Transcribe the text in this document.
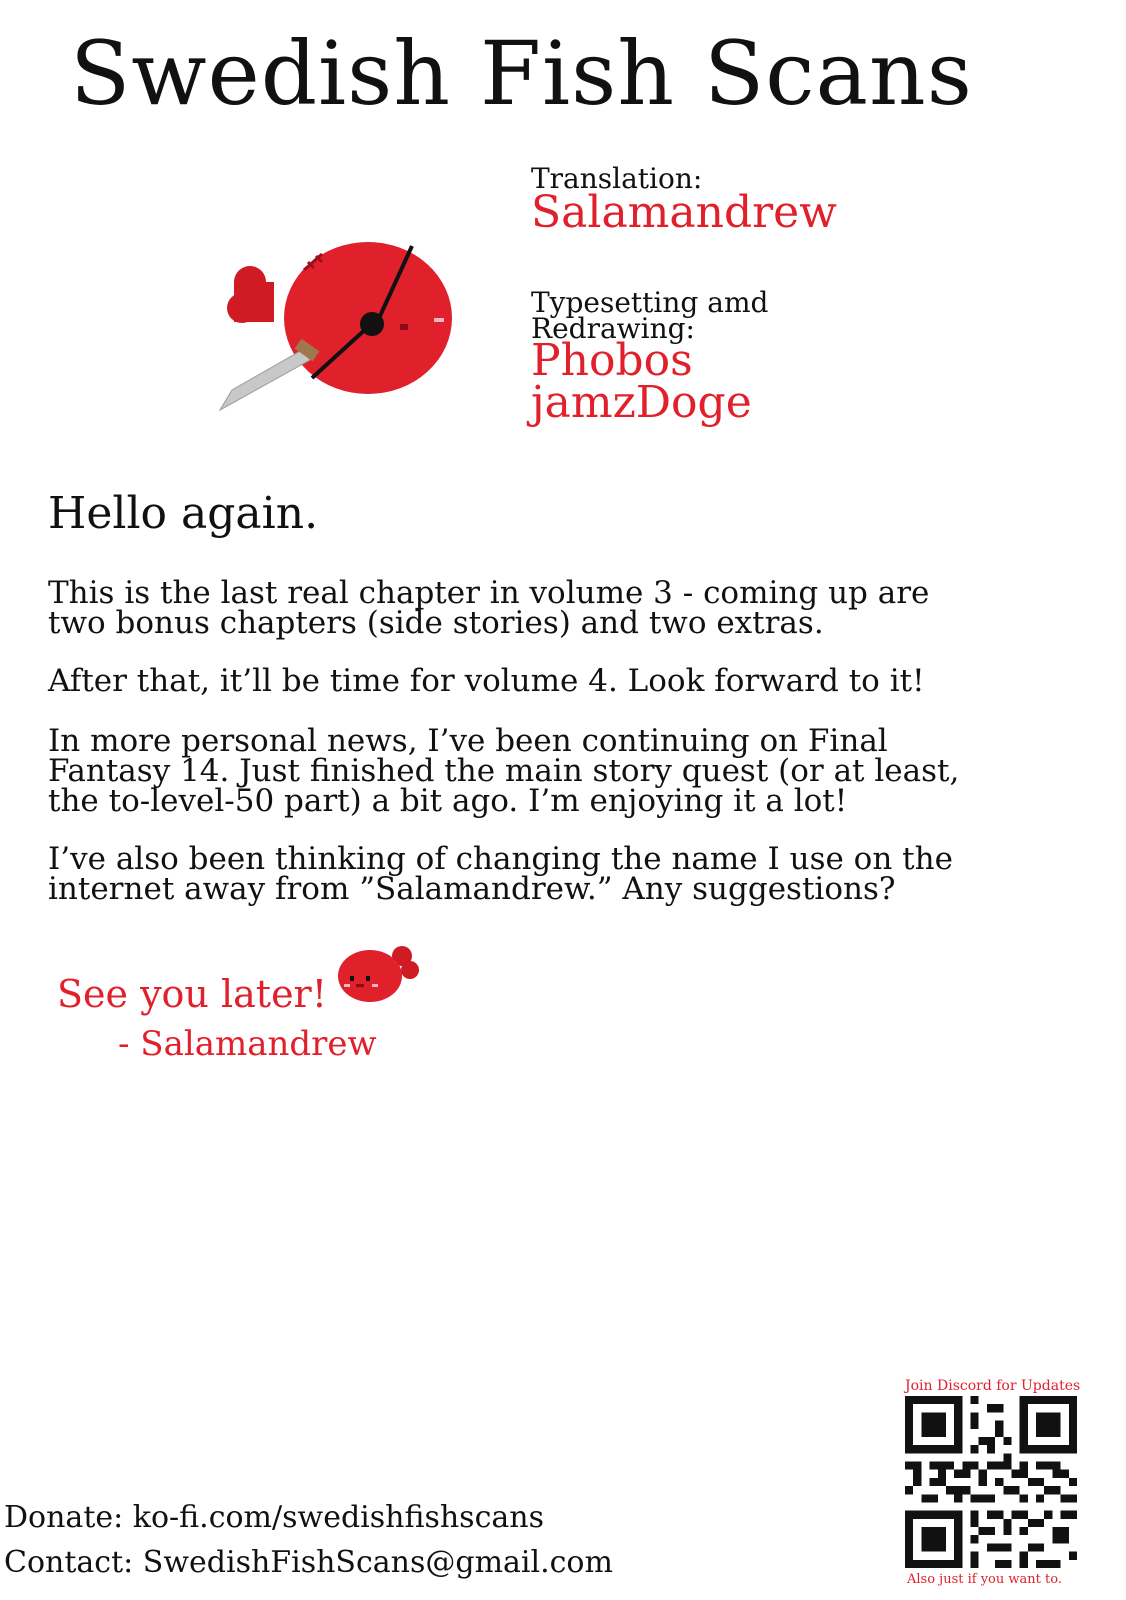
Swedish Fish Scans
Translation:
Salamandrew
Typesetting amd
Redrawing:
Phobos
jamzDoge
Hello again.
This is the last real chapter in volume 3 - coming up are
two bonus chapters (side stories) and two extras.
After that, it’ll be time for volume 4. Look forward to it!
In more personal news, I’ve been continuing on Final
Fantasy 14. Just finished the main story quest (or at least,
the to-level-50 part) a bit ago. I’m enjoying it a lot!
I’ve also been thinking of changing the name I use on the
internet away from ”Salamandrew.” Any suggestions?
See you later!
- Salamandrew
Donate: ko-fi.com/swedishfishscans
Contact: SwedishFishScans@gmail.com
Join Discord for Updates
Also just if you want to.
